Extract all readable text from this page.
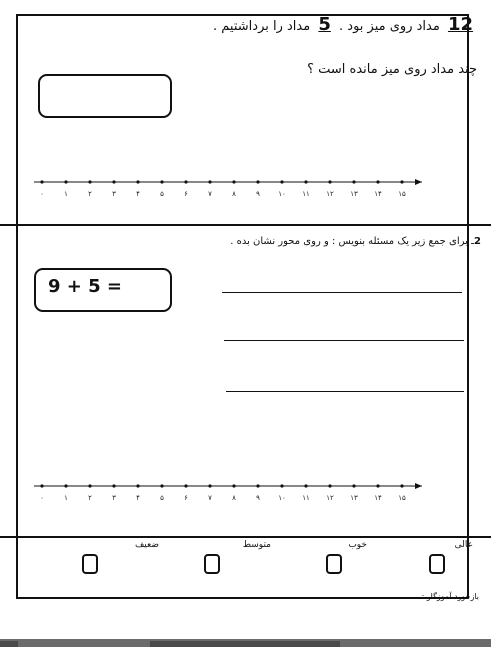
12 مداد روی میز بود . 5 مداد را برداشتیم .
چند مداد روی میز مانده است ؟
۰	۱	۲	۳	۴	۵	۶	۷	۸	۹	۱۰ ۱۱ ۱۲ ۱۳ ۱۴ ۱۵
2ـ برای جمع زیر یک مسئله بنویس : و روی محور نشان بده .
9 + 5 =
۰	۱	۲	۳	۴	۵	۶	۷	۸	۹	۱۰ ۱۱ ۱۲ ۱۳ ۱۴ ۱۵
عالی
خوب
متوسط
ضعیف
بازخورد آموزگار :
